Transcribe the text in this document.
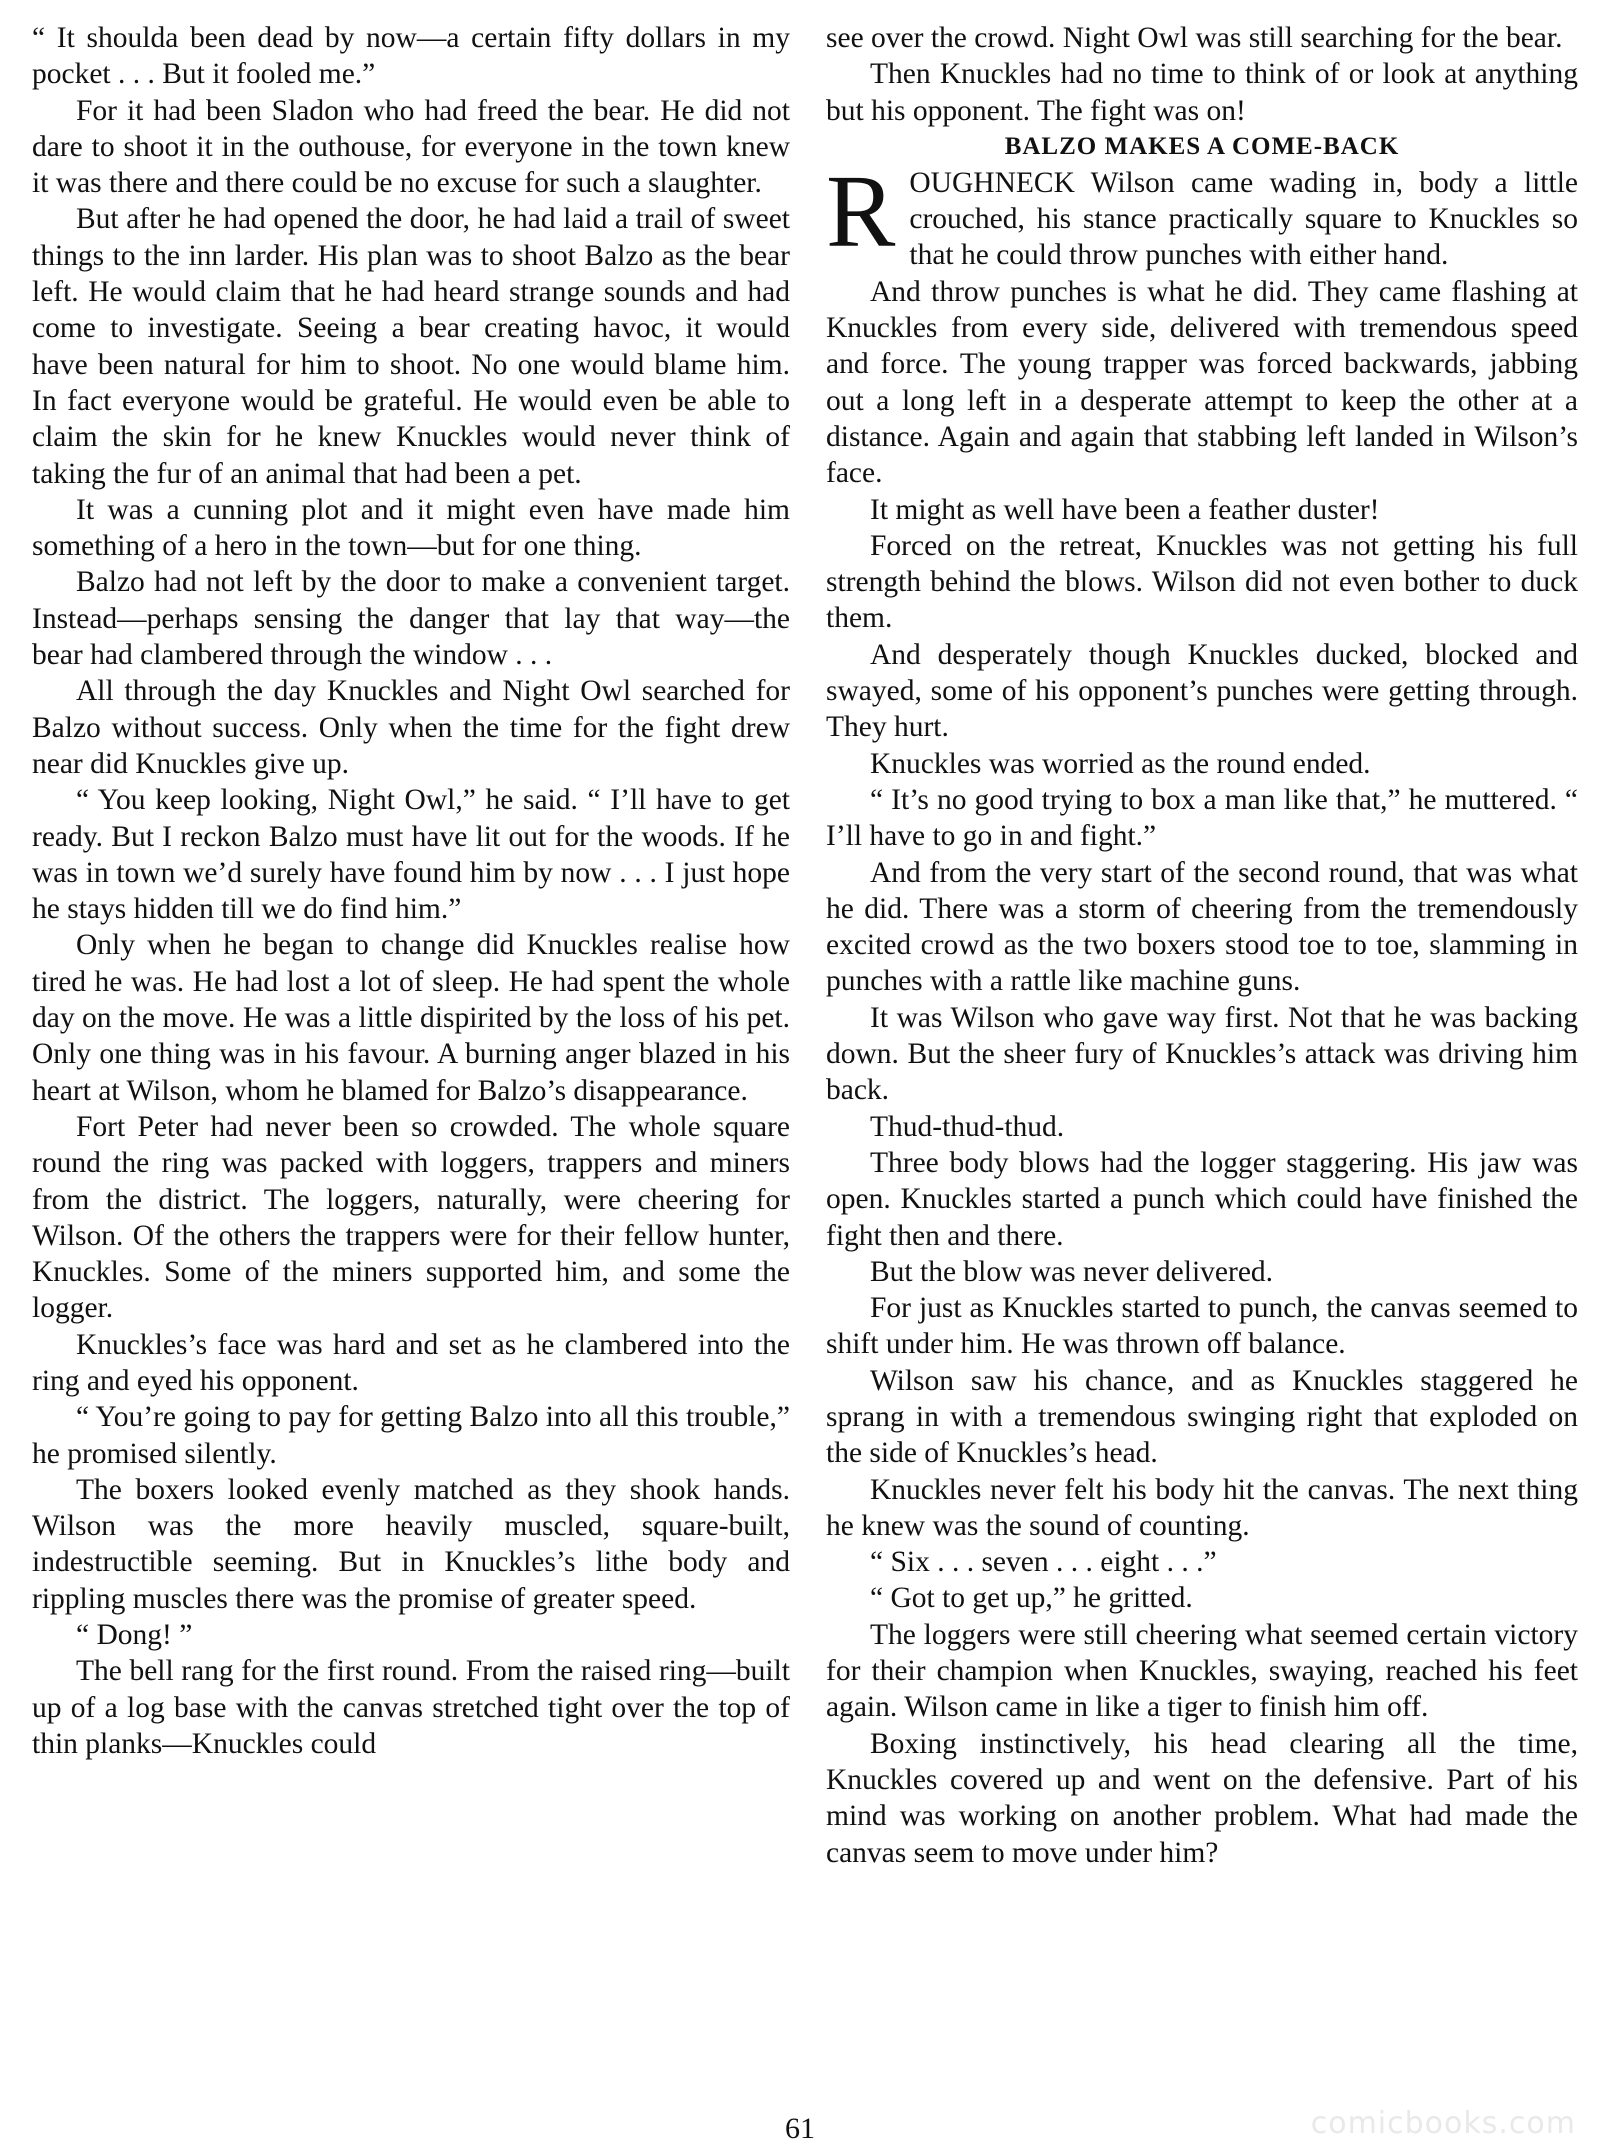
“ It shoulda been dead by now—a certain fifty dollars in my pocket . . . But it fooled me.”

For it had been Sladon who had freed the bear. He did not dare to shoot it in the outhouse, for everyone in the town knew it was there and there could be no excuse for such a slaughter.

But after he had opened the door, he had laid a trail of sweet things to the inn larder. His plan was to shoot Balzo as the bear left. He would claim that he had heard strange sounds and had come to investigate. Seeing a bear creating havoc, it would have been natural for him to shoot. No one would blame him. In fact everyone would be grateful. He would even be able to claim the skin for he knew Knuckles would never think of taking the fur of an animal that had been a pet.

It was a cunning plot and it might even have made him something of a hero in the town—but for one thing.

Balzo had not left by the door to make a convenient target. Instead—perhaps sensing the danger that lay that way—the bear had clambered through the window . . .

All through the day Knuckles and Night Owl searched for Balzo without success. Only when the time for the fight drew near did Knuckles give up.

“ You keep looking, Night Owl,” he said. “ I’ll have to get ready. But I reckon Balzo must have lit out for the woods. If he was in town we’d surely have found him by now . . . I just hope he stays hidden till we do find him.”

Only when he began to change did Knuckles realise how tired he was. He had lost a lot of sleep. He had spent the whole day on the move. He was a little dispirited by the loss of his pet. Only one thing was in his favour. A burning anger blazed in his heart at Wilson, whom he blamed for Balzo’s disappearance.

Fort Peter had never been so crowded. The whole square round the ring was packed with loggers, trappers and miners from the district. The loggers, naturally, were cheering for Wilson. Of the others the trappers were for their fellow hunter, Knuckles. Some of the miners supported him, and some the logger.

Knuckles’s face was hard and set as he clambered into the ring and eyed his opponent.

“ You’re going to pay for getting Balzo into all this trouble,” he promised silently.

The boxers looked evenly matched as they shook hands. Wilson was the more heavily muscled, square-built, indestructible seeming. But in Knuckles’s lithe body and rippling muscles there was the promise of greater speed.

“ Dong! ”

The bell rang for the first round. From the raised ring—built up of a log base with the canvas stretched tight over the top of thin planks—Knuckles could

see over the crowd. Night Owl was still searching for the bear.

Then Knuckles had no time to think of or look at anything but his opponent. The fight was on!

BALZO MAKES A COME-BACK

ROUGHNECK Wilson came wading in, body a little crouched, his stance practically square to Knuckles so that he could throw punches with either hand.

And throw punches is what he did. They came flashing at Knuckles from every side, delivered with tremendous speed and force. The young trapper was forced backwards, jabbing out a long left in a desperate attempt to keep the other at a distance. Again and again that stabbing left landed in Wilson’s face.

It might as well have been a feather duster!

Forced on the retreat, Knuckles was not getting his full strength behind the blows. Wilson did not even bother to duck them.

And desperately though Knuckles ducked, blocked and swayed, some of his opponent’s punches were getting through. They hurt.

Knuckles was worried as the round ended.

“ It’s no good trying to box a man like that,” he muttered. “ I’ll have to go in and fight.”

And from the very start of the second round, that was what he did. There was a storm of cheering from the tremendously excited crowd as the two boxers stood toe to toe, slamming in punches with a rattle like machine guns.

It was Wilson who gave way first. Not that he was backing down. But the sheer fury of Knuckles’s attack was driving him back.

Thud-thud-thud.

Three body blows had the logger staggering. His jaw was open. Knuckles started a punch which could have finished the fight then and there.

But the blow was never delivered.

For just as Knuckles started to punch, the canvas seemed to shift under him. He was thrown off balance.

Wilson saw his chance, and as Knuckles staggered he sprang in with a tremendous swinging right that exploded on the side of Knuckles’s head.

Knuckles never felt his body hit the canvas. The next thing he knew was the sound of counting.

“ Six . . . seven . . . eight . . .”

“ Got to get up,” he gritted.

The loggers were still cheering what seemed certain victory for their champion when Knuckles, swaying, reached his feet again. Wilson came in like a tiger to finish him off.

Boxing instinctively, his head clearing all the time, Knuckles covered up and went on the defensive. Part of his mind was working on another problem. What had made the canvas seem to move under him?

61	comicbooks.com
